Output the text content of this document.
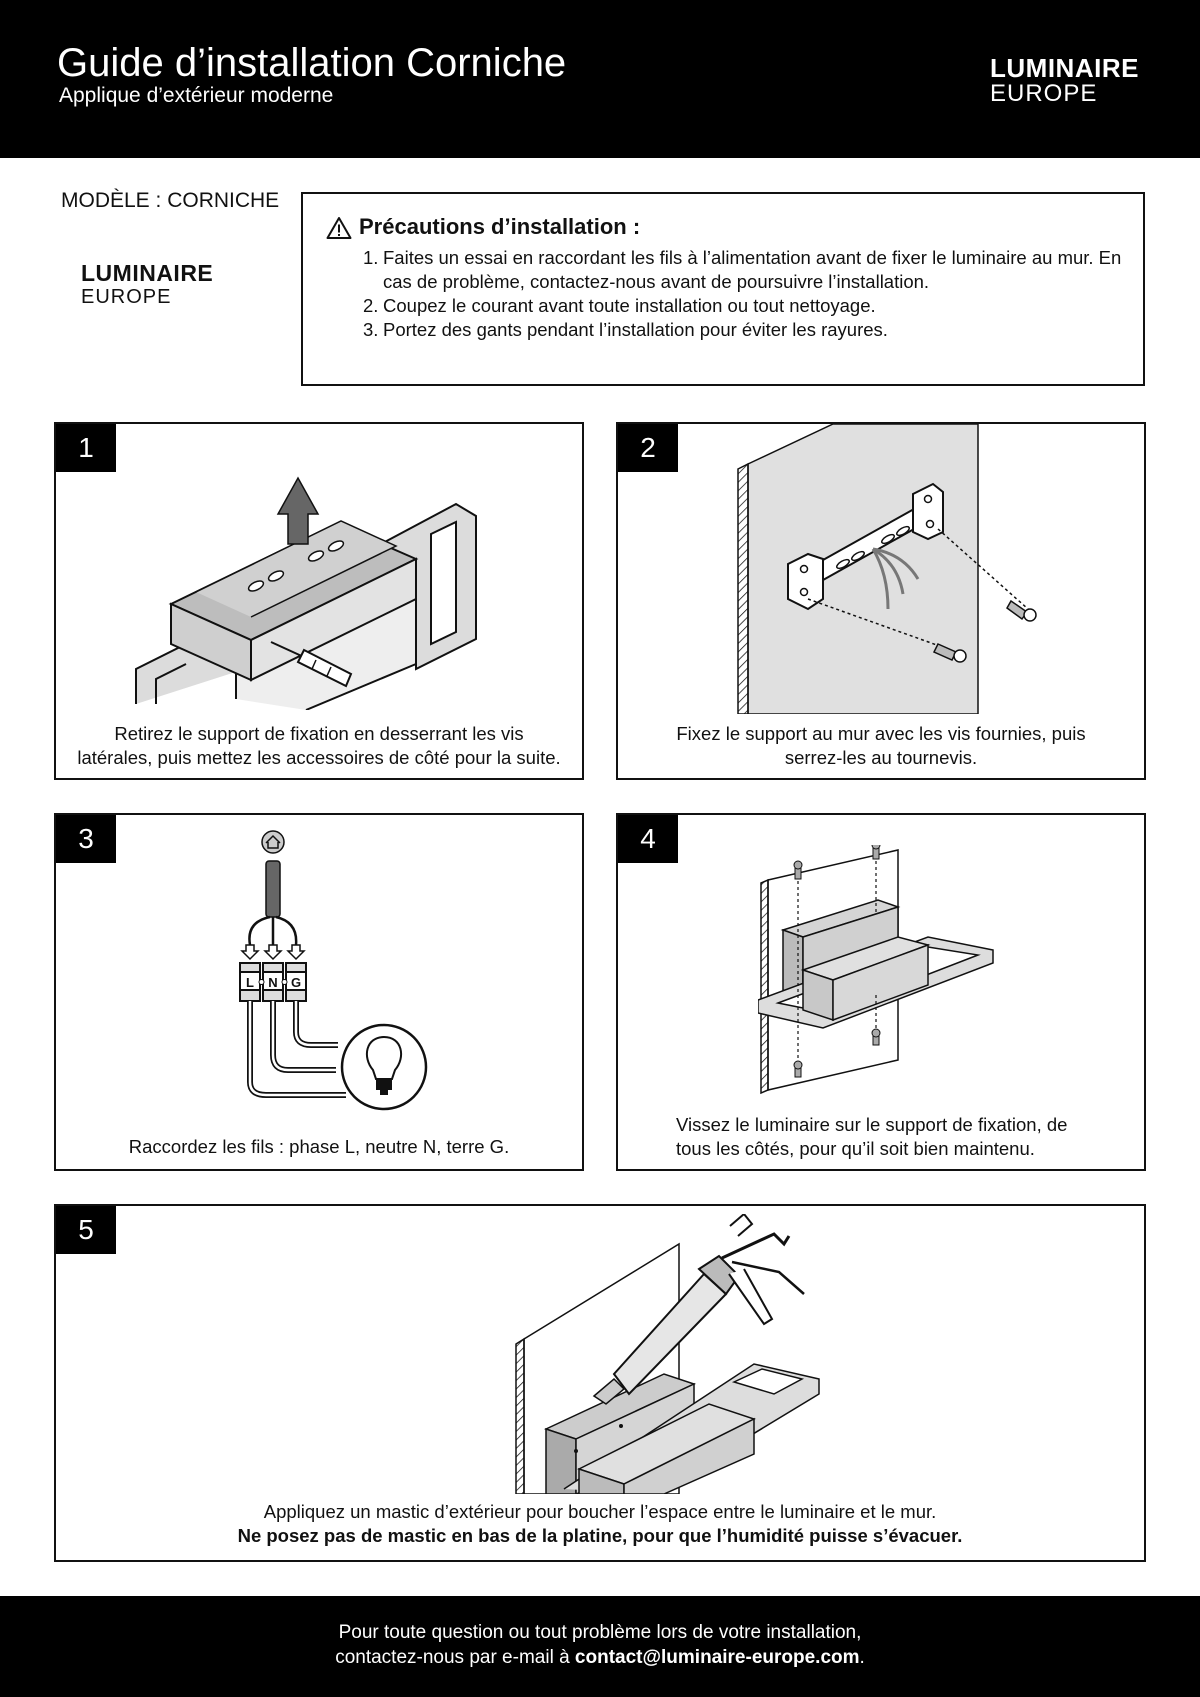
Guide d’installation Corniche
Applique d’extérieur moderne
LUMINAIRE
EUROPE
MODÈLE : CORNICHE
LUMINAIRE
EUROPE
Précautions d’installation :
1. Faites un essai en raccordant les fils à l’alimentation avant de fixer le luminaire au mur. En cas de problème, contactez-nous avant de poursuivre l’installation.
2. Coupez le courant avant toute installation ou tout nettoyage.
3. Portez des gants pendant l’installation pour éviter les rayures.
1
Retirez le support de fixation en desserrant les vis
latérales, puis mettez les accessoires de côté pour la suite.
2
Fixez le support au mur avec les vis fournies, puis
serrez-les au tournevis.
3
L N G
Raccordez les fils : phase L, neutre N, terre G.
4
Vissez le luminaire sur le support de fixation, de
tous les côtés, pour qu’il soit bien maintenu.
5
Appliquez un mastic d’extérieur pour boucher l’espace entre le luminaire et le mur.
Ne posez pas de mastic en bas de la platine, pour que l’humidité puisse s’évacuer.
Pour toute question ou tout problème lors de votre installation,
contactez-nous par e-mail à contact@luminaire-europe.com.
